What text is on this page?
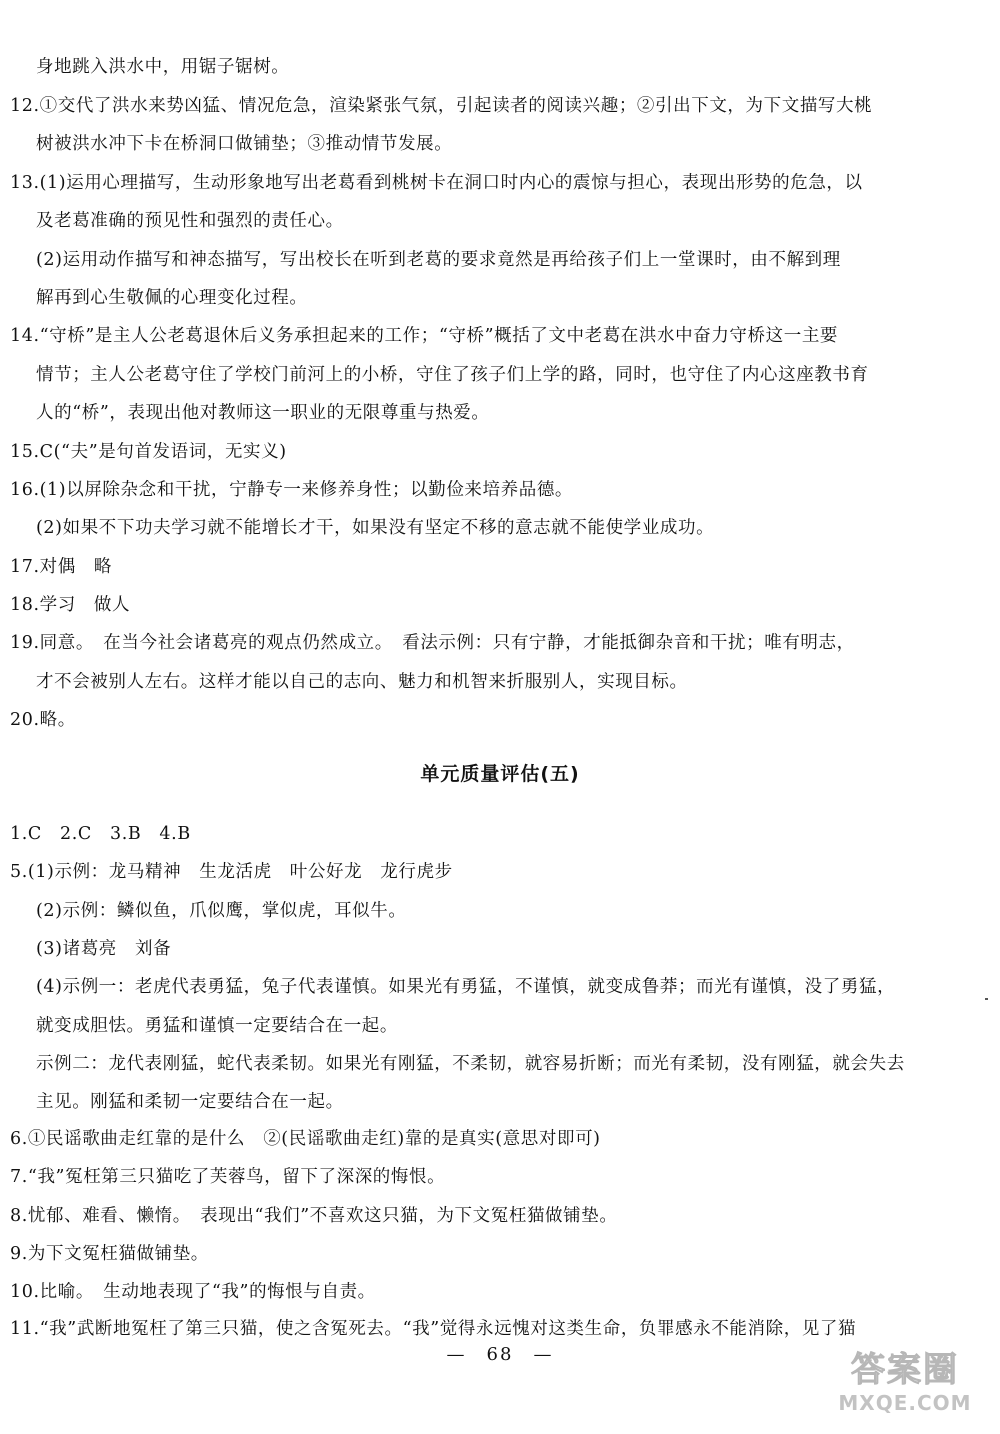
身地跳入洪水中，用锯子锯树。
12.①交代了洪水来势凶猛、情况危急，渲染紧张气氛，引起读者的阅读兴趣；②引出下文，为下文描写大桃
树被洪水冲下卡在桥洞口做铺垫；③推动情节发展。
13.(1)运用心理描写，生动形象地写出老葛看到桃树卡在洞口时内心的震惊与担心，表现出形势的危急，以
及老葛准确的预见性和强烈的责任心。
(2)运用动作描写和神态描写，写出校长在听到老葛的要求竟然是再给孩子们上一堂课时，由不解到理
解再到心生敬佩的心理变化过程。
14.“守桥”是主人公老葛退休后义务承担起来的工作；“守桥”概括了文中老葛在洪水中奋力守桥这一主要
情节；主人公老葛守住了学校门前河上的小桥，守住了孩子们上学的路，同时，也守住了内心这座教书育
人的“桥”，表现出他对教师这一职业的无限尊重与热爱。
15.C(“夫”是句首发语词，无实义)
16.(1)以屏除杂念和干扰，宁静专一来修养身性；以勤俭来培养品德。
(2)如果不下功夫学习就不能增长才干，如果没有坚定不移的意志就不能使学业成功。
17.对偶　略
18.学习　做人
19.同意。　在当今社会诸葛亮的观点仍然成立。　看法示例：只有宁静，才能抵御杂音和干扰；唯有明志，
才不会被别人左右。这样才能以自己的志向、魅力和机智来折服别人，实现目标。
20.略。
单元质量评估(五)
1.C　2.C　3.B　4.B
5.(1)示例：龙马精神　生龙活虎　叶公好龙　龙行虎步
(2)示例：鳞似鱼，爪似鹰，掌似虎，耳似牛。
(3)诸葛亮　刘备
(4)示例一：老虎代表勇猛，兔子代表谨慎。如果光有勇猛，不谨慎，就变成鲁莽；而光有谨慎，没了勇猛，
就变成胆怯。勇猛和谨慎一定要结合在一起。
示例二：龙代表刚猛，蛇代表柔韧。如果光有刚猛，不柔韧，就容易折断；而光有柔韧，没有刚猛，就会失去
主见。刚猛和柔韧一定要结合在一起。
6.①民谣歌曲走红靠的是什么　②(民谣歌曲走红)靠的是真实(意思对即可)
7.“我”冤枉第三只猫吃了芙蓉鸟，留下了深深的悔恨。
8.忧郁、难看、懒惰。　表现出“我们”不喜欢这只猫，为下文冤枉猫做铺垫。
9.为下文冤枉猫做铺垫。
10.比喻。　生动地表现了“我”的悔恨与自责。
11.“我”武断地冤枉了第三只猫，使之含冤死去。“我”觉得永远愧对这类生命，负罪感永不能消除，见了猫
—　68　—	答案圈
MXQE.COM
